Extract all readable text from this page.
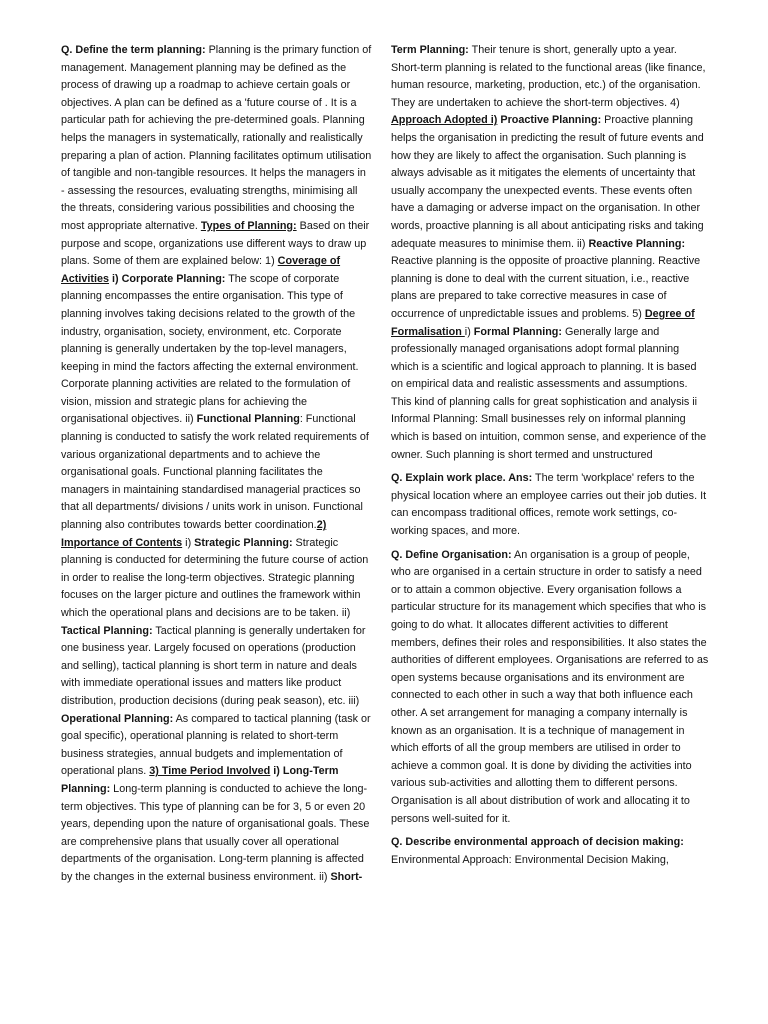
Q. Define the term planning: Planning is the primary function of management. Management planning may be defined as the process of drawing up a roadmap to achieve certain goals or objectives. A plan can be defined as a 'future course of . It is a particular path for achieving the pre-determined goals. Planning helps the managers in systematically, rationally and realistically preparing a plan of action. Planning facilitates optimum utilisation of tangible and non-tangible resources. It helps the managers in - assessing the resources, evaluating strengths, minimising all the threats, considering various possibilities and choosing the most appropriate alternative. Types of Planning: Based on their purpose and scope, organizations use different ways to draw up plans. Some of them are explained below: 1) Coverage of Activities i) Corporate Planning: The scope of corporate planning encompasses the entire organisation. This type of planning involves taking decisions related to the growth of the industry, organisation, society, environment, etc. Corporate planning is generally undertaken by the top-level managers, keeping in mind the factors affecting the external environment. Corporate planning activities are related to the formulation of vision, mission and strategic plans for achieving the organisational objectives. ii) Functional Planning: Functional planning is conducted to satisfy the work related requirements of various organizational departments and to achieve the organisational goals. Functional planning facilitates the managers in maintaining standardised managerial practices so that all departments/ divisions / units work in unison. Functional planning also contributes towards better coordination.2) Importance of Contents i) Strategic Planning: Strategic planning is conducted for determining the future course of action in order to realise the long-term objectives. Strategic planning focuses on the larger picture and outlines the framework within which the operational plans and decisions are to be taken. ii) Tactical Planning: Tactical planning is generally undertaken for one business year. Largely focused on operations (production and selling), tactical planning is short term in nature and deals with immediate operational issues and matters like product distribution, production decisions (during peak season), etc. iii) Operational Planning: As compared to tactical planning (task or goal specific), operational planning is related to short-term business strategies, annual budgets and implementation of operational plans. 3) Time Period Involved i) Long-Term Planning: Long-term planning is conducted to achieve the long-term objectives. This type of planning can be for 3, 5 or even 20 years, depending upon the nature of organisational goals. These are comprehensive plans that usually cover all operational departments of the organisation. Long-term planning is affected by the changes in the external business environment. ii) Short-

Term Planning: Their tenure is short, generally upto a year. Short-term planning is related to the functional areas (like finance, human resource, marketing, production, etc.) of the organisation. They are undertaken to achieve the short-term objectives. 4) Approach Adopted i) Proactive Planning: Proactive planning helps the organisation in predicting the result of future events and how they are likely to affect the organisation. Such planning is always advisable as it mitigates the elements of uncertainty that usually accompany the unexpected events. These events often have a damaging or adverse impact on the organisation. In other words, proactive planning is all about anticipating risks and taking adequate measures to minimise them. ii) Reactive Planning: Reactive planning is the opposite of proactive planning. Reactive planning is done to deal with the current situation, i.e., reactive plans are prepared to take corrective measures in case of occurrence of unpredictable issues and problems. 5) Degree of Formalisation i) Formal Planning: Generally large and professionally managed organisations adopt formal planning which is a scientific and logical approach to planning. It is based on empirical data and realistic assessments and assumptions. This kind of planning calls for great sophistication and analysis ii Informal Planning: Small businesses rely on informal planning which is based on intuition, common sense, and experience of the owner. Such planning is short termed and unstructured

Q. Explain work place. Ans: The term 'workplace' refers to the physical location where an employee carries out their job duties. It can encompass traditional offices, remote work settings, co-working spaces, and more.

Q. Define Organisation: An organisation is a group of people, who are organised in a certain structure in order to satisfy a need or to attain a common objective. Every organisation follows a particular structure for its management which specifies that who is going to do what. It allocates different activities to different members, defines their roles and responsibilities. It also states the authorities of different employees. Organisations are referred to as open systems because organisations and its environment are connected to each other in such a way that both influence each other. A set arrangement for managing a company internally is known as an organisation. It is a technique of management in which efforts of all the group members are utilised in order to achieve a common goal. It is done by dividing the activities into various sub-activities and allotting them to different persons. Organisation is all about distribution of work and allocating it to persons well-suited for it.

Q. Describe environmental approach of decision making: Environmental Approach: Environmental Decision Making,
